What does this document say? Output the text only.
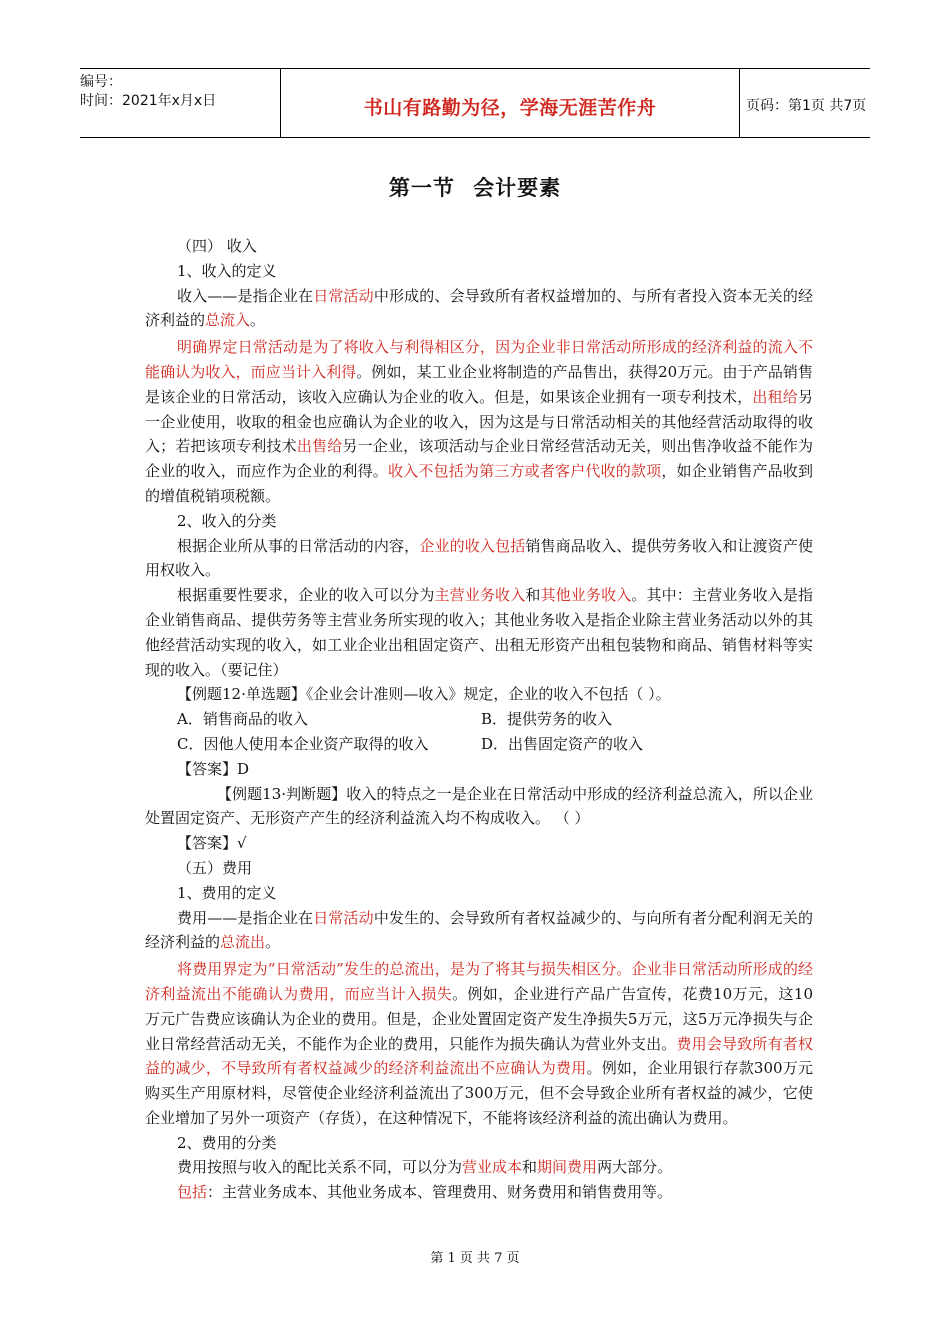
编号：
时间：2021年x月x日	书山有路勤为径，学海无涯苦作舟	页码：第1页 共7页
第一节 会计要素

（四） 收入

1、收入的定义

收入——是指企业在日常活动中形成的、会导致所有者权益增加的、与所有者投入资本无关的经济利益的总流入。

明确界定日常活动是为了将收入与利得相区分，因为企业非日常活动所形成的经济利益的流入不能确认为收入，而应当计入利得。例如，某工业企业将制造的产品售出，获得20万元。由于产品销售是该企业的日常活动，该收入应确认为企业的收入。但是，如果该企业拥有一项专利技术，出租给另一企业使用，收取的租金也应确认为企业的收入，因为这是与日常活动相关的其他经营活动取得的收入；若把该项专利技术出售给另一企业，该项活动与企业日常经营活动无关，则出售净收益不能作为企业的收入，而应作为企业的利得。收入不包括为第三方或者客户代收的款项，如企业销售产品收到的增值税销项税额。

2、收入的分类

根据企业所从事的日常活动的内容，企业的收入包括销售商品收入、提供劳务收入和让渡资产使用权收入。

根据重要性要求，企业的收入可以分为主营业务收入和其他业务收入。其中：主营业务收入是指企业销售商品、提供劳务等主营业务所实现的收入；其他业务收入是指企业除主营业务活动以外的其他经营活动实现的收入，如工业企业出租固定资产、出租无形资产出租包装物和商品、销售材料等实现的收入。（要记住）

【例题12·单选题】《企业会计准则—收入》规定，企业的收入不包括（ ）。

A．销售商品的收入	B．提供劳务的收入
C．因他人使用本企业资产取得的收入	D．出售固定资产的收入

【答案】D

【例题13·判断题】收入的特点之一是企业在日常活动中形成的经济利益总流入，所以企业处置固定资产、无形资产产生的经济利益流入均不构成收入。 （ ）

【答案】√

（五）费用

1、费用的定义

费用——是指企业在日常活动中发生的、会导致所有者权益减少的、与向所有者分配利润无关的经济利益的总流出。

将费用界定为“日常活动”发生的总流出，是为了将其与损失相区分。企业非日常活动所形成的经济利益流出不能确认为费用，而应当计入损失。例如，企业进行产品广告宣传，花费10万元，这10万元广告费应该确认为企业的费用。但是，企业处置固定资产发生净损失5万元，这5万元净损失与企业日常经营活动无关，不能作为企业的费用，只能作为损失确认为营业外支出。费用会导致所有者权益的减少，不导致所有者权益减少的经济利益流出不应确认为费用。例如，企业用银行存款300万元购买生产用原材料，尽管使企业经济利益流出了300万元，但不会导致企业所有者权益的减少，它使企业增加了另外一项资产（存货），在这种情况下，不能将该经济利益的流出确认为费用。

2、费用的分类

费用按照与收入的配比关系不同，可以分为营业成本和期间费用两大部分。

包括：主营业务成本、其他业务成本、管理费用、财务费用和销售费用等。

第 1 页 共 7 页
